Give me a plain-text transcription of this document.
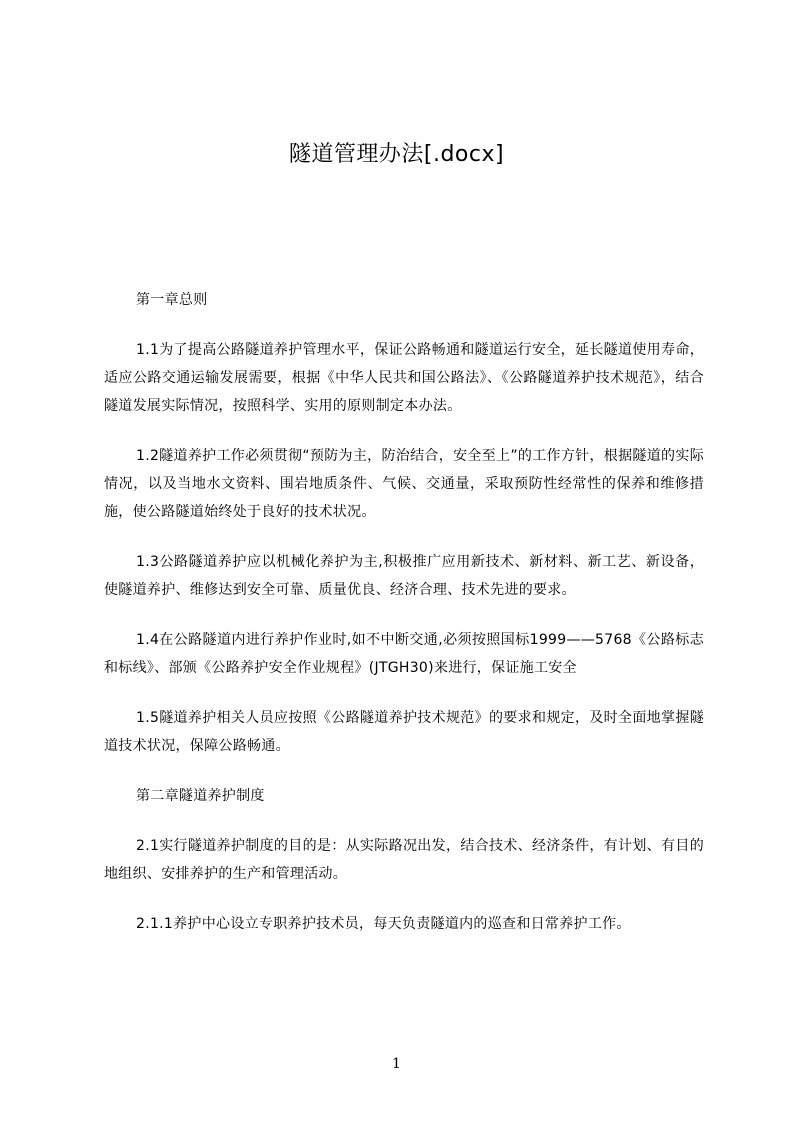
隧道管理办法[.docx]

第一章总则

1.1为了提高公路隧道养护管理水平，保证公路畅通和隧道运行安全，延长隧道使用寿命，适应公路交通运输发展需要，根据《中华人民共和国公路法》、《公路隧道养护技术规范》，结合隧道发展实际情况，按照科学、实用的原则制定本办法。

1.2隧道养护工作必须贯彻“预防为主，防治结合，安全至上”的工作方针，根据隧道的实际情况，以及当地水文资料、围岩地质条件、气候、交通量，采取预防性经常性的保养和维修措施，使公路隧道始终处于良好的技术状况。

1.3公路隧道养护应以机械化养护为主,积极推广应用新技术、新材料、新工艺、新设备，使隧道养护、维修达到安全可靠、质量优良、经济合理、技术先进的要求。

1.4在公路隧道内进行养护作业时,如不中断交通,必须按照国标1999——5768《公路标志和标线》、部颁《公路养护安全作业规程》(JTGH30)来进行，保证施工安全

1.5隧道养护相关人员应按照《公路隧道养护技术规范》的要求和规定，及时全面地掌握隧道技术状况，保障公路畅通。

第二章隧道养护制度

2.1实行隧道养护制度的目的是：从实际路况出发，结合技术、经济条件，有计划、有目的地组织、安排养护的生产和管理活动。

2.1.1养护中心设立专职养护技术员，每天负责隧道内的巡查和日常养护工作。

1
